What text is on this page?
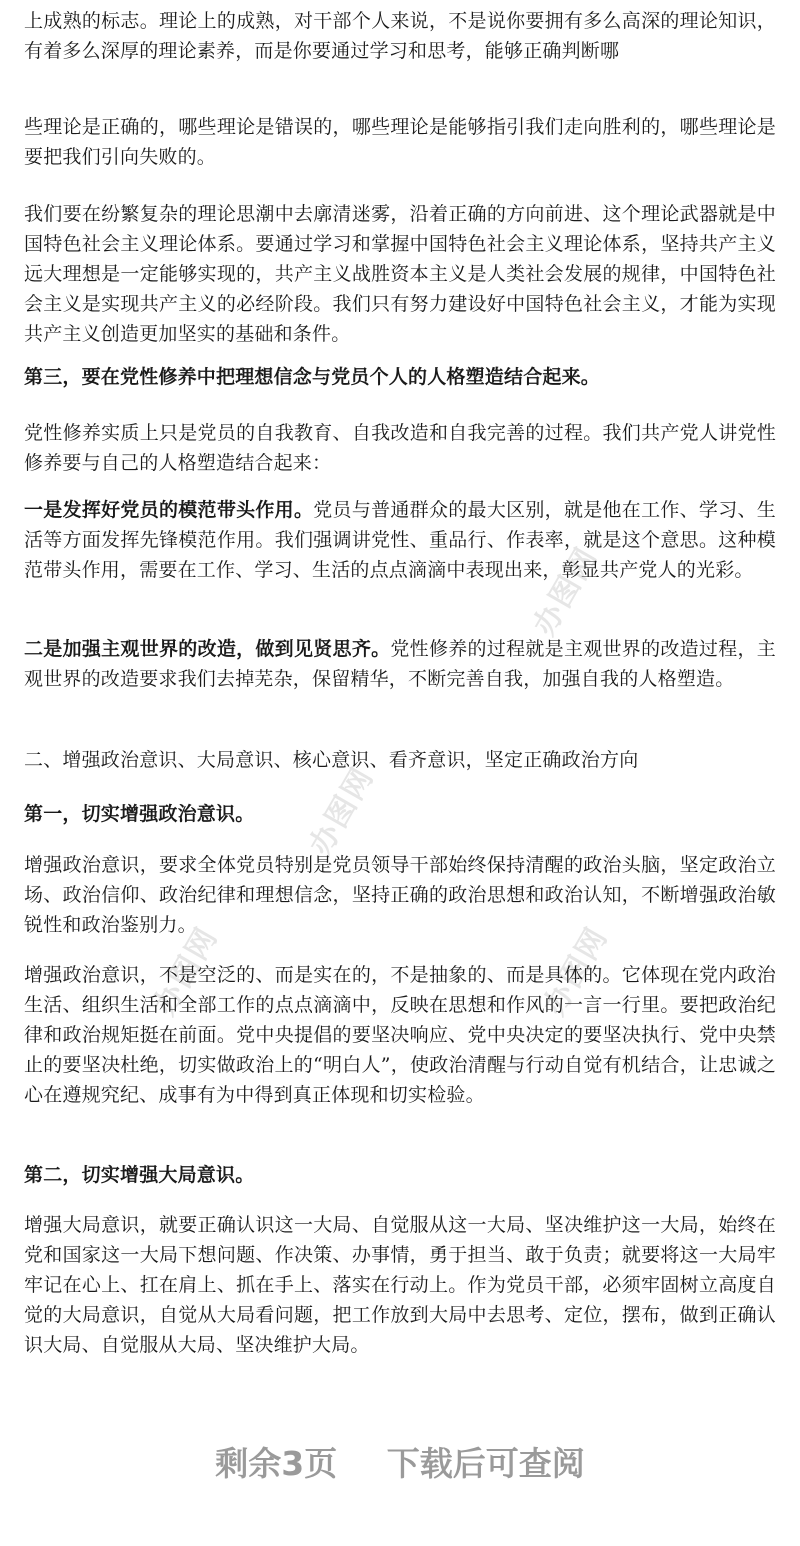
办图网
办图网
办图网	办图网

上成熟的标志。理论上的成熟，对干部个人来说，不是说你要拥有多么高深的理论知识，有着多么深厚的理论素养，而是你要通过学习和思考，能够正确判断哪

些理论是正确的，哪些理论是错误的，哪些理论是能够指引我们走向胜利的，哪些理论是要把我们引向失败的。

我们要在纷繁复杂的理论思潮中去廓清迷雾，沿着正确的方向前进、这个理论武器就是中国特色社会主义理论体系。要通过学习和掌握中国特色社会主义理论体系，坚持共产主义远大理想是一定能够实现的，共产主义战胜资本主义是人类社会发展的规律，中国特色社会主义是实现共产主义的必经阶段。我们只有努力建设好中国特色社会主义，才能为实现共产主义创造更加坚实的基础和条件。

第三，要在党性修养中把理想信念与党员个人的人格塑造结合起来。

党性修养实质上只是党员的自我教育、自我改造和自我完善的过程。我们共产党人讲党性修养要与自己的人格塑造结合起来：

一是发挥好党员的模范带头作用。党员与普通群众的最大区别，就是他在工作、学习、生活等方面发挥先锋模范作用。我们强调讲党性、重品行、作表率，就是这个意思。这种模范带头作用，需要在工作、学习、生活的点点滴滴中表现出来，彰显共产党人的光彩。

二是加强主观世界的改造，做到见贤思齐。党性修养的过程就是主观世界的改造过程，主观世界的改造要求我们去掉芜杂，保留精华，不断完善自我，加强自我的人格塑造。

二、增强政治意识、大局意识、核心意识、看齐意识，坚定正确政治方向

第一，切实增强政治意识。

增强政治意识，要求全体党员特别是党员领导干部始终保持清醒的政治头脑，坚定政治立场、政治信仰、政治纪律和理想信念，坚持正确的政治思想和政治认知，不断增强政治敏锐性和政治鉴别力。

增强政治意识，不是空泛的、而是实在的，不是抽象的、而是具体的。它体现在党内政治生活、组织生活和全部工作的点点滴滴中，反映在思想和作风的一言一行里。要把政治纪律和政治规矩挺在前面。党中央提倡的要坚决响应、党中央决定的要坚决执行、党中央禁止的要坚决杜绝，切实做政治上的“明白人”，使政治清醒与行动自觉有机结合，让忠诚之心在遵规究纪、成事有为中得到真正体现和切实检验。

第二，切实增强大局意识。

增强大局意识，就要正确认识这一大局、自觉服从这一大局、坚决维护这一大局，始终在党和国家这一大局下想问题、作决策、办事情，勇于担当、敢于负责；就要将这一大局牢牢记在心上、扛在肩上、抓在手上、落实在行动上。作为党员干部，必须牢固树立高度自觉的大局意识，自觉从大局看问题，把工作放到大局中去思考、定位，摆布，做到正确认识大局、自觉服从大局、坚决维护大局。

剩余3页 下载后可查阅
